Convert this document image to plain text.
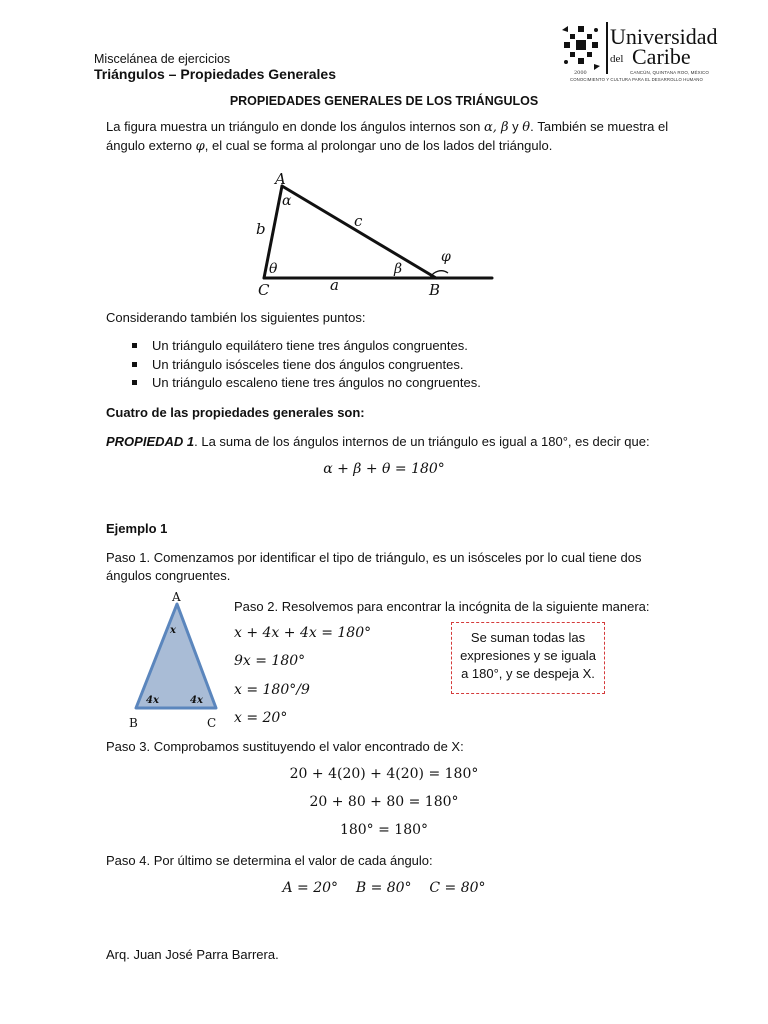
Miscelánea de ejercicios
Triángulos – Propiedades Generales	2000
Universidad
del Caribe
CANCÚN, QUINTANA ROO, MÉXICO
CONOCIMIENTO Y CULTURA PARA EL DESARROLLO HUMANO
PROPIEDADES GENERALES DE LOS TRIÁNGULOS
La figura muestra un triángulo en donde los ángulos internos son α, β y θ. También se muestra el
ángulo externo φ, el cual se forma al prolongar uno de los lados del triángulo.
A
C	B
b	c
a
α
θ	β
φ
Considerando también los siguientes puntos:
Un triángulo equilátero tiene tres ángulos congruentes.
Un triángulo isósceles tiene dos ángulos congruentes.
Un triángulo escaleno tiene tres ángulos no congruentes.
Cuatro de las propiedades generales son:
PROPIEDAD 1. La suma de los ángulos internos de un triángulo es igual a 180°, es decir que:
α + β + θ = 180°
Ejemplo 1
Paso 1. Comenzamos por identificar el tipo de triángulo, es un isósceles por lo cual tiene dos
ángulos congruentes.
A
B	C
x
4x	4x
Paso 2. Resolvemos para encontrar la incógnita de la siguiente manera:
x + 4x + 4x = 180°
9x = 180°
x = 180°/9
x = 20°
Se suman todas las
expresiones y se iguala
a 180°, y se despeja X.
Paso 3. Comprobamos sustituyendo el valor encontrado de X:
20 + 4(20) + 4(20) = 180°
20 + 80 + 80 = 180°
180° = 180°
Paso 4. Por último se determina el valor de cada ángulo:
A = 20°    B = 80°    C = 80°
Arq. Juan José Parra Barrera.
